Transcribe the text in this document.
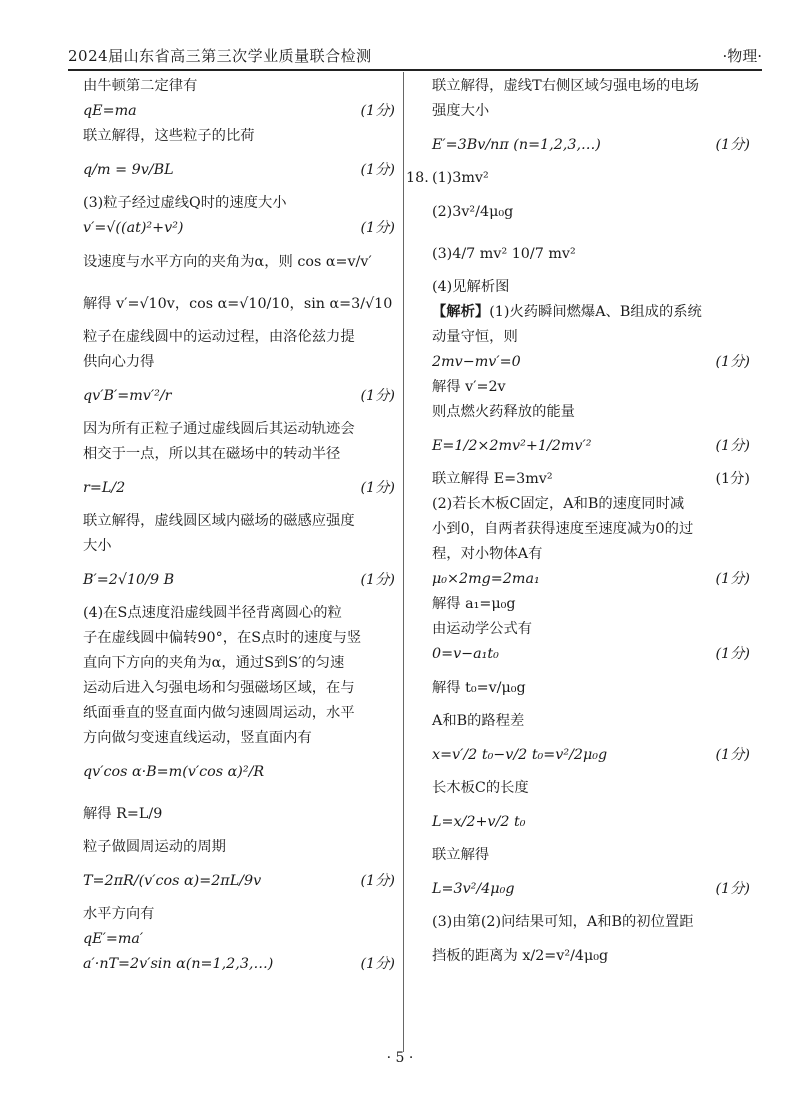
2024届山东省高三第三次学业质量联合检测	·物理·
由牛顿第二定律有
qE=ma	(1分)
联立解得，这些粒子的比荷
q/m = 9v/BL	(1分)
(3)粒子经过虚线Q时的速度大小
v′=√((at)²+v²)	(1分)
设速度与水平方向的夹角为α，则 cos α=v/v′
解得 v′=√10v，cos α=√10/10，sin α=3/√10
粒子在虚线圆中的运动过程，由洛伦兹力提
供向心力得
qv′B′=mv′²/r	(1分)
因为所有正粒子通过虚线圆后其运动轨迹会
相交于一点，所以其在磁场中的转动半径
r=L/2	(1分)
联立解得，虚线圆区域内磁场的磁感应强度
大小
B′=2√10/9 B	(1分)
(4)在S点速度沿虚线圆半径背离圆心的粒
子在虚线圆中偏转90°，在S点时的速度与竖
直向下方向的夹角为α，通过S到S′的匀速
运动后进入匀强电场和匀强磁场区域，在与
纸面垂直的竖直面内做匀速圆周运动，水平
方向做匀变速直线运动，竖直面内有
qv′cos α·B=m(v′cos α)²/R
解得 R=L/9
粒子做圆周运动的周期
T=2πR/(v′cos α)=2πL/9v	(1分)
水平方向有
qE′=ma′
a′·nT=2v′sin α(n=1,2,3,…)	(1分)
联立解得，虚线T右侧区域匀强电场的电场
强度大小
E′=3Bv/nπ (n=1,2,3,…)	(1分)
18. (1)3mv²
(2)3v²/4μ₀g
(3)4/7 mv² 10/7 mv²
(4)见解析图
【解析】(1)火药瞬间燃爆A、B组成的系统
动量守恒，则
2mv−mv′=0	(1分)
解得 v′=2v
则点燃火药释放的能量
E=1/2×2mv²+1/2mv′²	(1分)
联立解得 E=3mv²	(1分)
(2)若长木板C固定，A和B的速度同时减
小到0，自两者获得速度至速度减为0的过
程，对小物体A有
μ₀×2mg=2ma₁	(1分)
解得 a₁=μ₀g
由运动学公式有
0=v−a₁t₀	(1分)
解得 t₀=v/μ₀g
A和B的路程差
x=v′/2 t₀−v/2 t₀=v²/2μ₀g	(1分)
长木板C的长度
L=x/2+v/2 t₀
联立解得
L=3v²/4μ₀g	(1分)
(3)由第(2)问结果可知，A和B的初位置距
挡板的距离为 x/2=v²/4μ₀g
· 5 ·
